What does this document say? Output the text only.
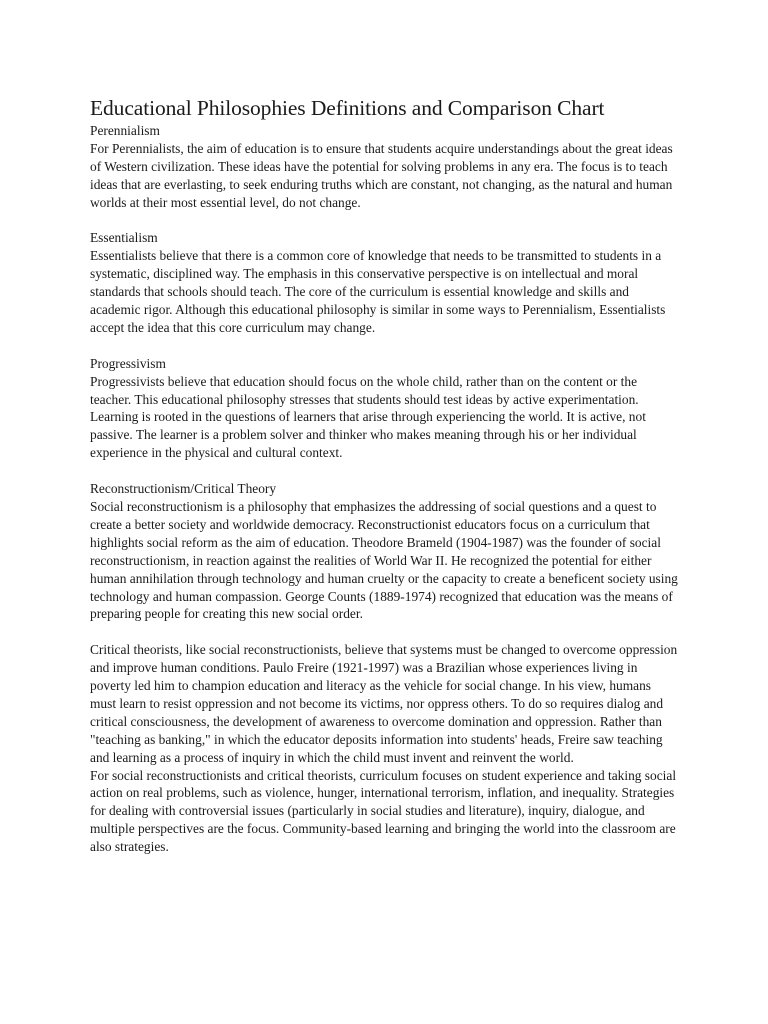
Educational Philosophies Definitions and Comparison Chart
Perennialism

For Perennialists, the aim of education is to ensure that students acquire understandings about the great ideas of Western civilization. These ideas have the potential for solving problems in any era. The focus is to teach ideas that are everlasting, to seek enduring truths which are constant, not changing, as the natural and human worlds at their most essential level, do not change.

Essentialism

Essentialists believe that there is a common core of knowledge that needs to be transmitted to students in a systematic, disciplined way. The emphasis in this conservative perspective is on intellectual and moral standards that schools should teach. The core of the curriculum is essential knowledge and skills and academic rigor. Although this educational philosophy is similar in some ways to Perennialism, Essentialists accept the idea that this core curriculum may change.

Progressivism

Progressivists believe that education should focus on the whole child, rather than on the content or the teacher. This educational philosophy stresses that students should test ideas by active experimentation. Learning is rooted in the questions of learners that arise through experiencing the world. It is active, not passive. The learner is a problem solver and thinker who makes meaning through his or her individual experience in the physical and cultural context.

Reconstructionism/Critical Theory

Social reconstructionism is a philosophy that emphasizes the addressing of social questions and a quest to create a better society and worldwide democracy. Reconstructionist educators focus on a curriculum that highlights social reform as the aim of education. Theodore Brameld (1904-1987) was the founder of social reconstructionism, in reaction against the realities of World War II. He recognized the potential for either human annihilation through technology and human cruelty or the capacity to create a beneficent society using technology and human compassion. George Counts (1889-1974) recognized that education was the means of preparing people for creating this new social order.

Critical theorists, like social reconstructionists, believe that systems must be changed to overcome oppression and improve human conditions. Paulo Freire (1921-1997) was a Brazilian whose experiences living in poverty led him to champion education and literacy as the vehicle for social change. In his view, humans must learn to resist oppression and not become its victims, nor oppress others. To do so requires dialog and critical consciousness, the development of awareness to overcome domination and oppression. Rather than "teaching as banking," in which the educator deposits information into students' heads, Freire saw teaching and learning as a process of inquiry in which the child must invent and reinvent the world.

For social reconstructionists and critical theorists, curriculum focuses on student experience and taking social action on real problems, such as violence, hunger, international terrorism, inflation, and inequality. Strategies for dealing with controversial issues (particularly in social studies and literature), inquiry, dialogue, and multiple perspectives are the focus. Community-based learning and bringing the world into the classroom are also strategies.
